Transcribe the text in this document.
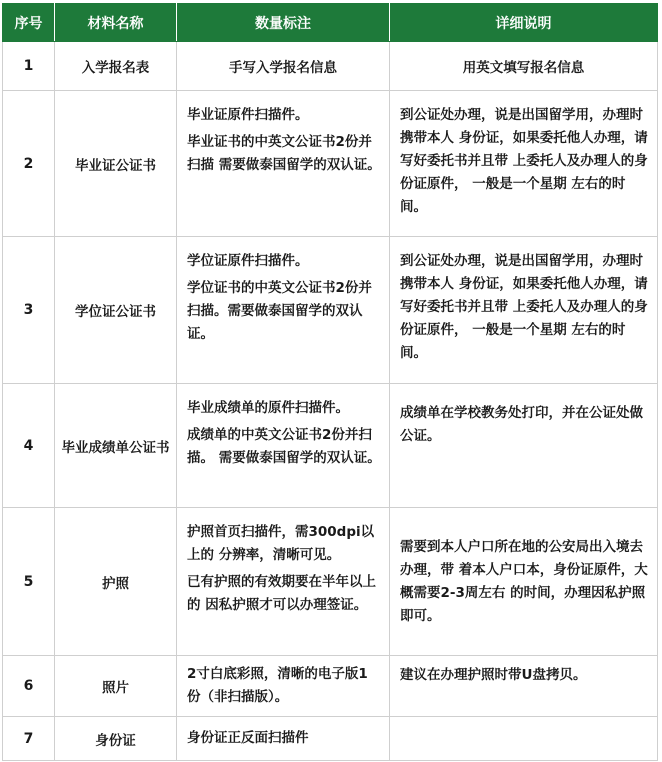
序号	材料名称	数量标注	详细说明
1	入学报名表	手写入学报名信息	用英文填写报名信息
2	毕业证公证书	毕业证原件扫描件。
毕业证书的中英文公证书2份并扫描 需要做泰国留学的双认证。	到公证处办理，说是出国留学用，办理时携带本人 身份证，如果委托他人办理，请写好委托书并且带 上委托人及办理人的身份证原件， 一般是一个星期 左右的时间。
3	学位证公证书	学位证原件扫描件。
学位证书的中英文公证书2份并扫描。需要做泰国留学的双认证。	到公证处办理，说是出国留学用，办理时携带本人 身份证，如果委托他人办理，请写好委托书并且带 上委托人及办理人的身份证原件， 一般是一个星期 左右的时间。
4	毕业成绩单公证书	毕业成绩单的原件扫描件。
成绩单的中英文公证书2份并扫描。 需要做泰国留学的双认证。	成绩单在学校教务处打印，并在公证处做公证。
5	护照	护照首页扫描件，需300dpi以上的 分辨率，清晰可见。
已有护照的有效期要在半年以上的 因私护照才可以办理签证。	需要到本人户口所在地的公安局出入境去办理，带 着本人户口本，身份证原件，大概需要2-3周左右 的时间，办理因私护照即可。
6	照片	2寸白底彩照，清晰的电子版1份（非扫描版）。	建议在办理护照时带U盘拷贝。
7	身份证	身份证正反面扫描件	
